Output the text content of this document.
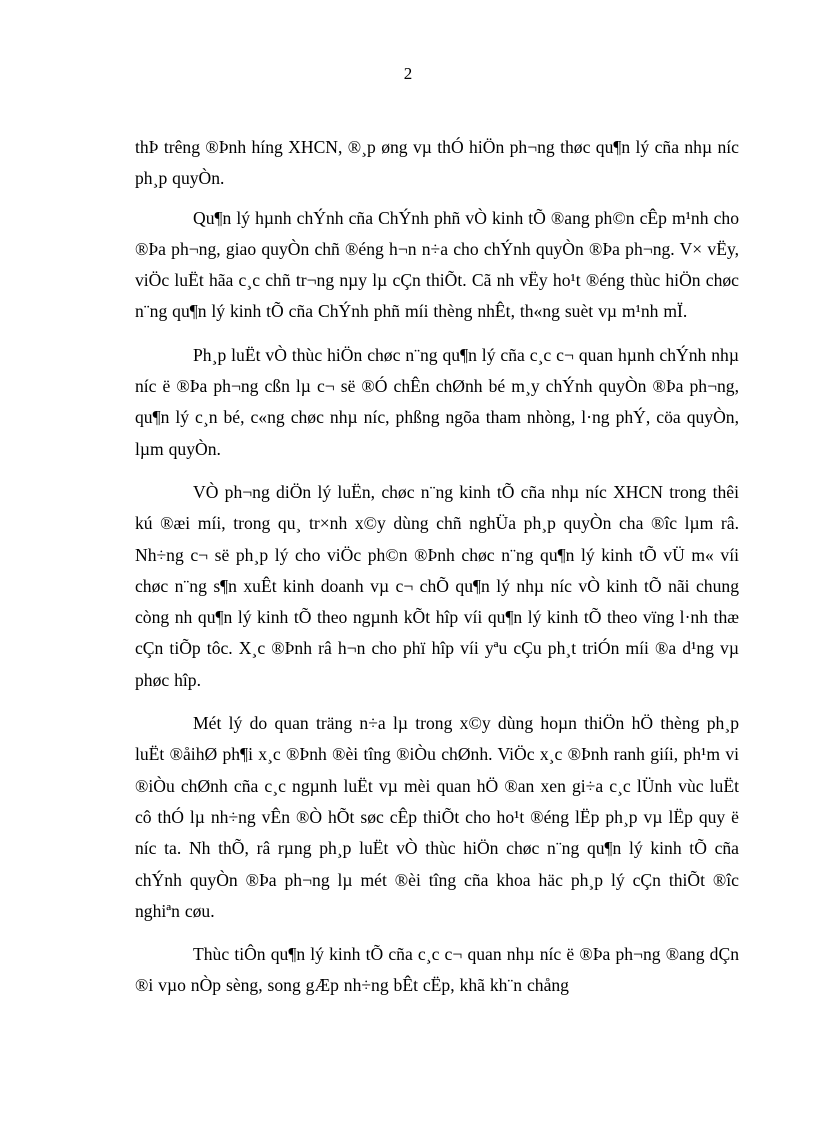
2

thÞ trêng ®Þnh híng XHCN, ®¸p øng vµ thÓ hiÖn ph¬ng thøc qu¶n lý cña nhµ níc ph¸p quyÒn.

Qu¶n lý hµnh chÝnh cña ChÝnh phñ vÒ kinh tÕ ®ang ph©n cÊp m¹nh cho ®Þa ph¬ng, giao quyÒn chñ ®éng h¬n n÷a cho chÝnh quyÒn ®Þa ph¬ng. V× vËy, viÖc luËt hãa c¸c chñ tr¬ng nµy lµ cÇn thiÕt. Cã nh vËy ho¹t ®éng thùc hiÖn chøc n¨ng qu¶n lý kinh tÕ cña ChÝnh phñ míi thèng nhÊt, th«ng suèt vµ m¹nh mÏ.

Ph¸p luËt vÒ thùc hiÖn chøc n¨ng qu¶n lý cña c¸c c¬ quan hµnh chÝnh nhµ níc ë ®Þa ph¬ng cßn lµ c¬ së ®Ó chÊn chØnh bé m¸y chÝnh quyÒn ®Þa ph¬ng, qu¶n lý c¸n bé, c«ng chøc nhµ níc, phßng ngõa tham nhòng, l·ng phÝ, cöa quyÒn, lµm quyÒn.

VÒ ph¬ng diÖn lý luËn, chøc n¨ng kinh tÕ cña nhµ níc XHCN trong thêi kú ®æi míi, trong qu¸ tr×nh x©y dùng chñ nghÜa ph¸p quyÒn cha ®îc lµm râ. Nh÷ng c¬ së ph¸p lý cho viÖc ph©n ®Þnh chøc n¨ng qu¶n lý kinh tÕ vÜ m« víi chøc n¨ng s¶n xuÊt kinh doanh vµ c¬ chÕ qu¶n lý nhµ níc vÒ kinh tÕ nãi chung còng nh qu¶n lý kinh tÕ theo ngµnh kÕt hîp víi qu¶n lý kinh tÕ theo vïng l·nh thæ cÇn tiÕp tôc. X¸c ®Þnh râ h¬n cho phï hîp víi yªu cÇu ph¸t triÓn míi ®a d¹ng vµ phøc hîp.

Mét lý do quan träng n÷a lµ trong x©y dùng hoµn thiÖn hÖ thèng ph¸p luËt ®åihØ ph¶i x¸c ®Þnh ®èi tîng ®iÒu chØnh. ViÖc x¸c ®Þnh ranh giíi, ph¹m vi ®iÒu chØnh cña c¸c ngµnh luËt vµ mèi quan hÖ ®an xen gi÷a c¸c lÜnh vùc luËt cô thÓ lµ nh÷ng vÊn ®Ò hÕt søc cÊp thiÕt cho ho¹t ®éng lËp ph¸p vµ lËp quy ë níc ta. Nh thÕ, râ rµng ph¸p luËt vÒ thùc hiÖn chøc n¨ng qu¶n lý kinh tÕ cña chÝnh quyÒn ®Þa ph¬ng lµ mét ®èi tîng cña khoa häc ph¸p lý cÇn thiÕt ®îc nghiªn cøu.

Thùc tiÔn qu¶n lý kinh tÕ cña c¸c c¬ quan nhµ níc ë ®Þa ph¬ng ®ang dÇn ®i vµo nÒp sèng, song gÆp nh÷ng bÊt cËp, khã kh¨n chång
